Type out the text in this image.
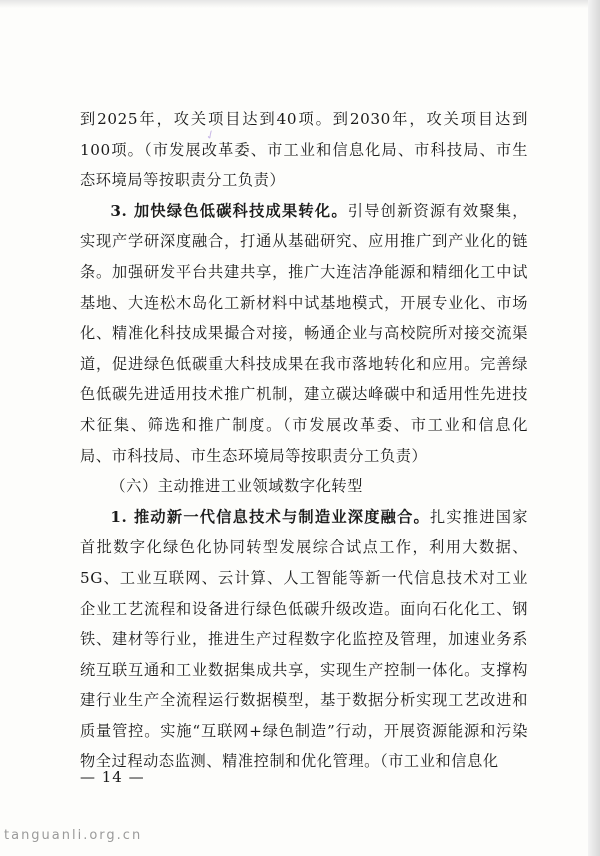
✓

到2025年，攻关项目达到40项。到2030年，攻关项目达到100项。（市发展改革委、市工业和信息化局、市科技局、市生态环境局等按职责分工负责）

3. 加快绿色低碳科技成果转化。引导创新资源有效聚集，实现产学研深度融合，打通从基础研究、应用推广到产业化的链条。加强研发平台共建共享，推广大连洁净能源和精细化工中试基地、大连松木岛化工新材料中试基地模式，开展专业化、市场化、精准化科技成果撮合对接，畅通企业与高校院所对接交流渠道，促进绿色低碳重大科技成果在我市落地转化和应用。完善绿色低碳先进适用技术推广机制，建立碳达峰碳中和适用性先进技术征集、筛选和推广制度。（市发展改革委、市工业和信息化局、市科技局、市生态环境局等按职责分工负责）

（六）主动推进工业领域数字化转型

1. 推动新一代信息技术与制造业深度融合。扎实推进国家首批数字化绿色化协同转型发展综合试点工作，利用大数据、5G、工业互联网、云计算、人工智能等新一代信息技术对工业企业工艺流程和设备进行绿色低碳升级改造。面向石化化工、钢铁、建材等行业，推进生产过程数字化监控及管理，加速业务系统互联互通和工业数据集成共享，实现生产控制一体化。支撑构建行业生产全流程运行数据模型，基于数据分析实现工艺改进和质量管控。实施“互联网+绿色制造”行动，开展资源能源和污染物全过程动态监测、精准控制和优化管理。（市工业和信息化

— 14 —
tanguanli.org.cn
